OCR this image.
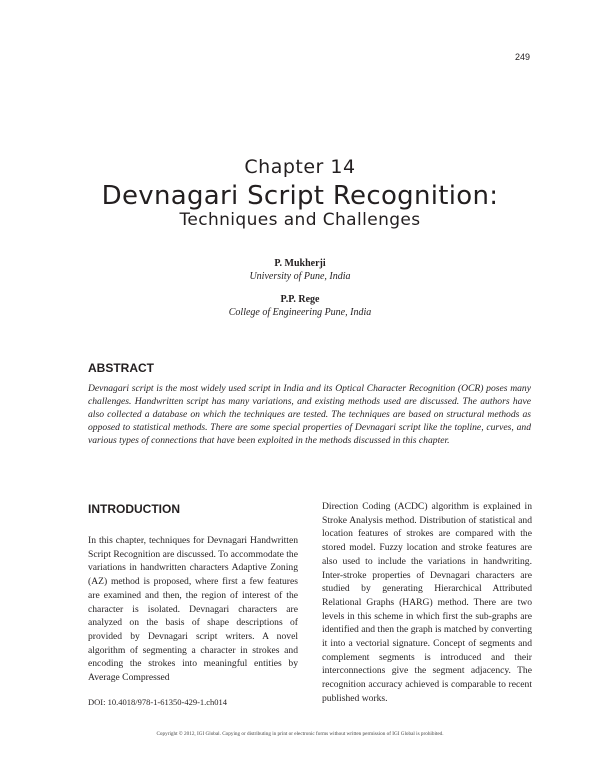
249
Chapter 14
Devnagari Script Recognition:
Techniques and Challenges
P. Mukherji
University of Pune, India
P.P. Rege
College of Engineering Pune, India
ABSTRACT

Devnagari script is the most widely used script in India and its Optical Character Recognition (OCR) poses many challenges. Handwritten script has many variations, and existing methods used are discussed. The authors have also collected a database on which the techniques are tested. The techniques are based on structural methods as opposed to statistical methods. There are some special properties of Devnagari script like the topline, curves, and various types of connections that have been exploited in the methods discussed in this chapter.

INTRODUCTION

In this chapter, techniques for Devnagari Handwritten Script Recognition are discussed. To accommodate the variations in handwritten characters Adaptive Zoning (AZ) method is proposed, where first a few features are examined and then, the region of interest of the character is isolated. Devnagari characters are analyzed on the basis of shape descriptions of provided by Devnagari script writers. A novel algorithm of segmenting a character in strokes and encoding the strokes into meaningful entities by Average Compressed

Direction Coding (ACDC) algorithm is explained in Stroke Analysis method. Distribution of statistical and location features of strokes are compared with the stored model. Fuzzy location and stroke features are also used to include the variations in handwriting. Inter-stroke properties of Devnagari characters are studied by generating Hierarchical Attributed Relational Graphs (HARG) method. There are two levels in this scheme in which first the sub-graphs are identified and then the graph is matched by converting it into a vectorial signature. Concept of segments and complement segments is introduced and their interconnections give the segment adjacency. The recognition accuracy achieved is comparable to recent published works.

DOI: 10.4018/978-1-61350-429-1.ch014
Copyright © 2012, IGI Global. Copying or distributing in print or electronic forms without written permission of IGI Global is prohibited.
